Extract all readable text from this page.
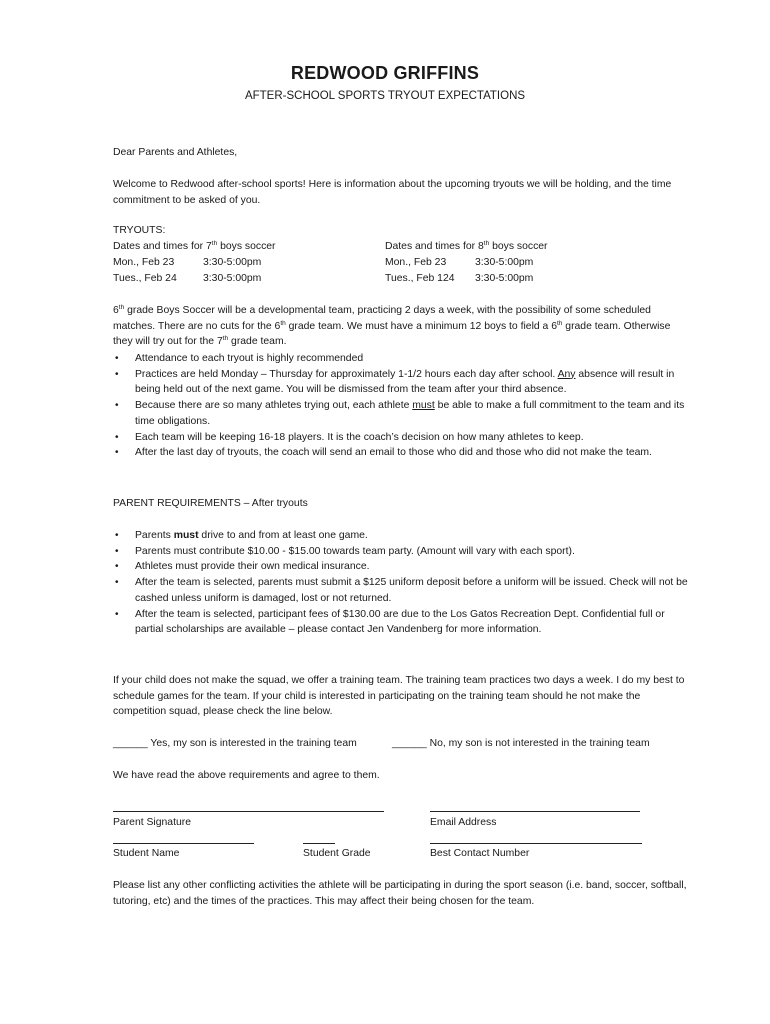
REDWOOD GRIFFINS
AFTER-SCHOOL SPORTS TRYOUT EXPECTATIONS
Dear Parents and Athletes,
Welcome to Redwood after-school sports! Here is information about the upcoming tryouts we will be holding, and the time commitment to be asked of you.
TRYOUTS:
Dates and times for 7th boys soccer
Mon., Feb 23	3:30-5:00pm
Tues., Feb 24	3:30-5:00pm
Dates and times for 8th boys soccer
Mon., Feb 23	3:30-5:00pm
Tues., Feb 124 3:30-5:00pm
6th grade Boys Soccer will be a developmental team, practicing 2 days a week, with the possibility of some scheduled matches. There are no cuts for the 6th grade team. We must have a minimum 12 boys to field a 6th grade team. Otherwise they will try out for the 7th grade team.
• Attendance to each tryout is highly recommended
• Practices are held Monday – Thursday for approximately 1-1/2 hours each day after school. Any absence will result in being held out of the next game. You will be dismissed from the team after your third absence.
• Because there are so many athletes trying out, each athlete must be able to make a full commitment to the team and its time obligations.
• Each team will be keeping 16-18 players. It is the coach’s decision on how many athletes to keep.
• After the last day of tryouts, the coach will send an email to those who did and those who did not make the team.
PARENT REQUIREMENTS – After tryouts
• Parents must drive to and from at least one game.
• Parents must contribute $10.00 - $15.00 towards team party. (Amount will vary with each sport).
• Athletes must provide their own medical insurance.
• After the team is selected, parents must submit a $125 uniform deposit before a uniform will be issued. Check will not be cashed unless uniform is damaged, lost or not returned.
• After the team is selected, participant fees of $130.00 are due to the Los Gatos Recreation Dept. Confidential full or partial scholarships are available – please contact Jen Vandenberg for more information.
If your child does not make the squad, we offer a training team. The training team practices two days a week. I do my best to schedule games for the team. If your child is interested in participating on the training team should he not make the competition squad, please check the line below.
______ Yes, my son is interested in the training team	______ No, my son is not interested in the training team
We have read the above requirements and agree to them.
Parent Signature	Email Address
Student Name	Student Grade	Best Contact Number
Please list any other conflicting activities the athlete will be participating in during the sport season (i.e. band, soccer, softball, tutoring, etc) and the times of the practices. This may affect their being chosen for the team.
